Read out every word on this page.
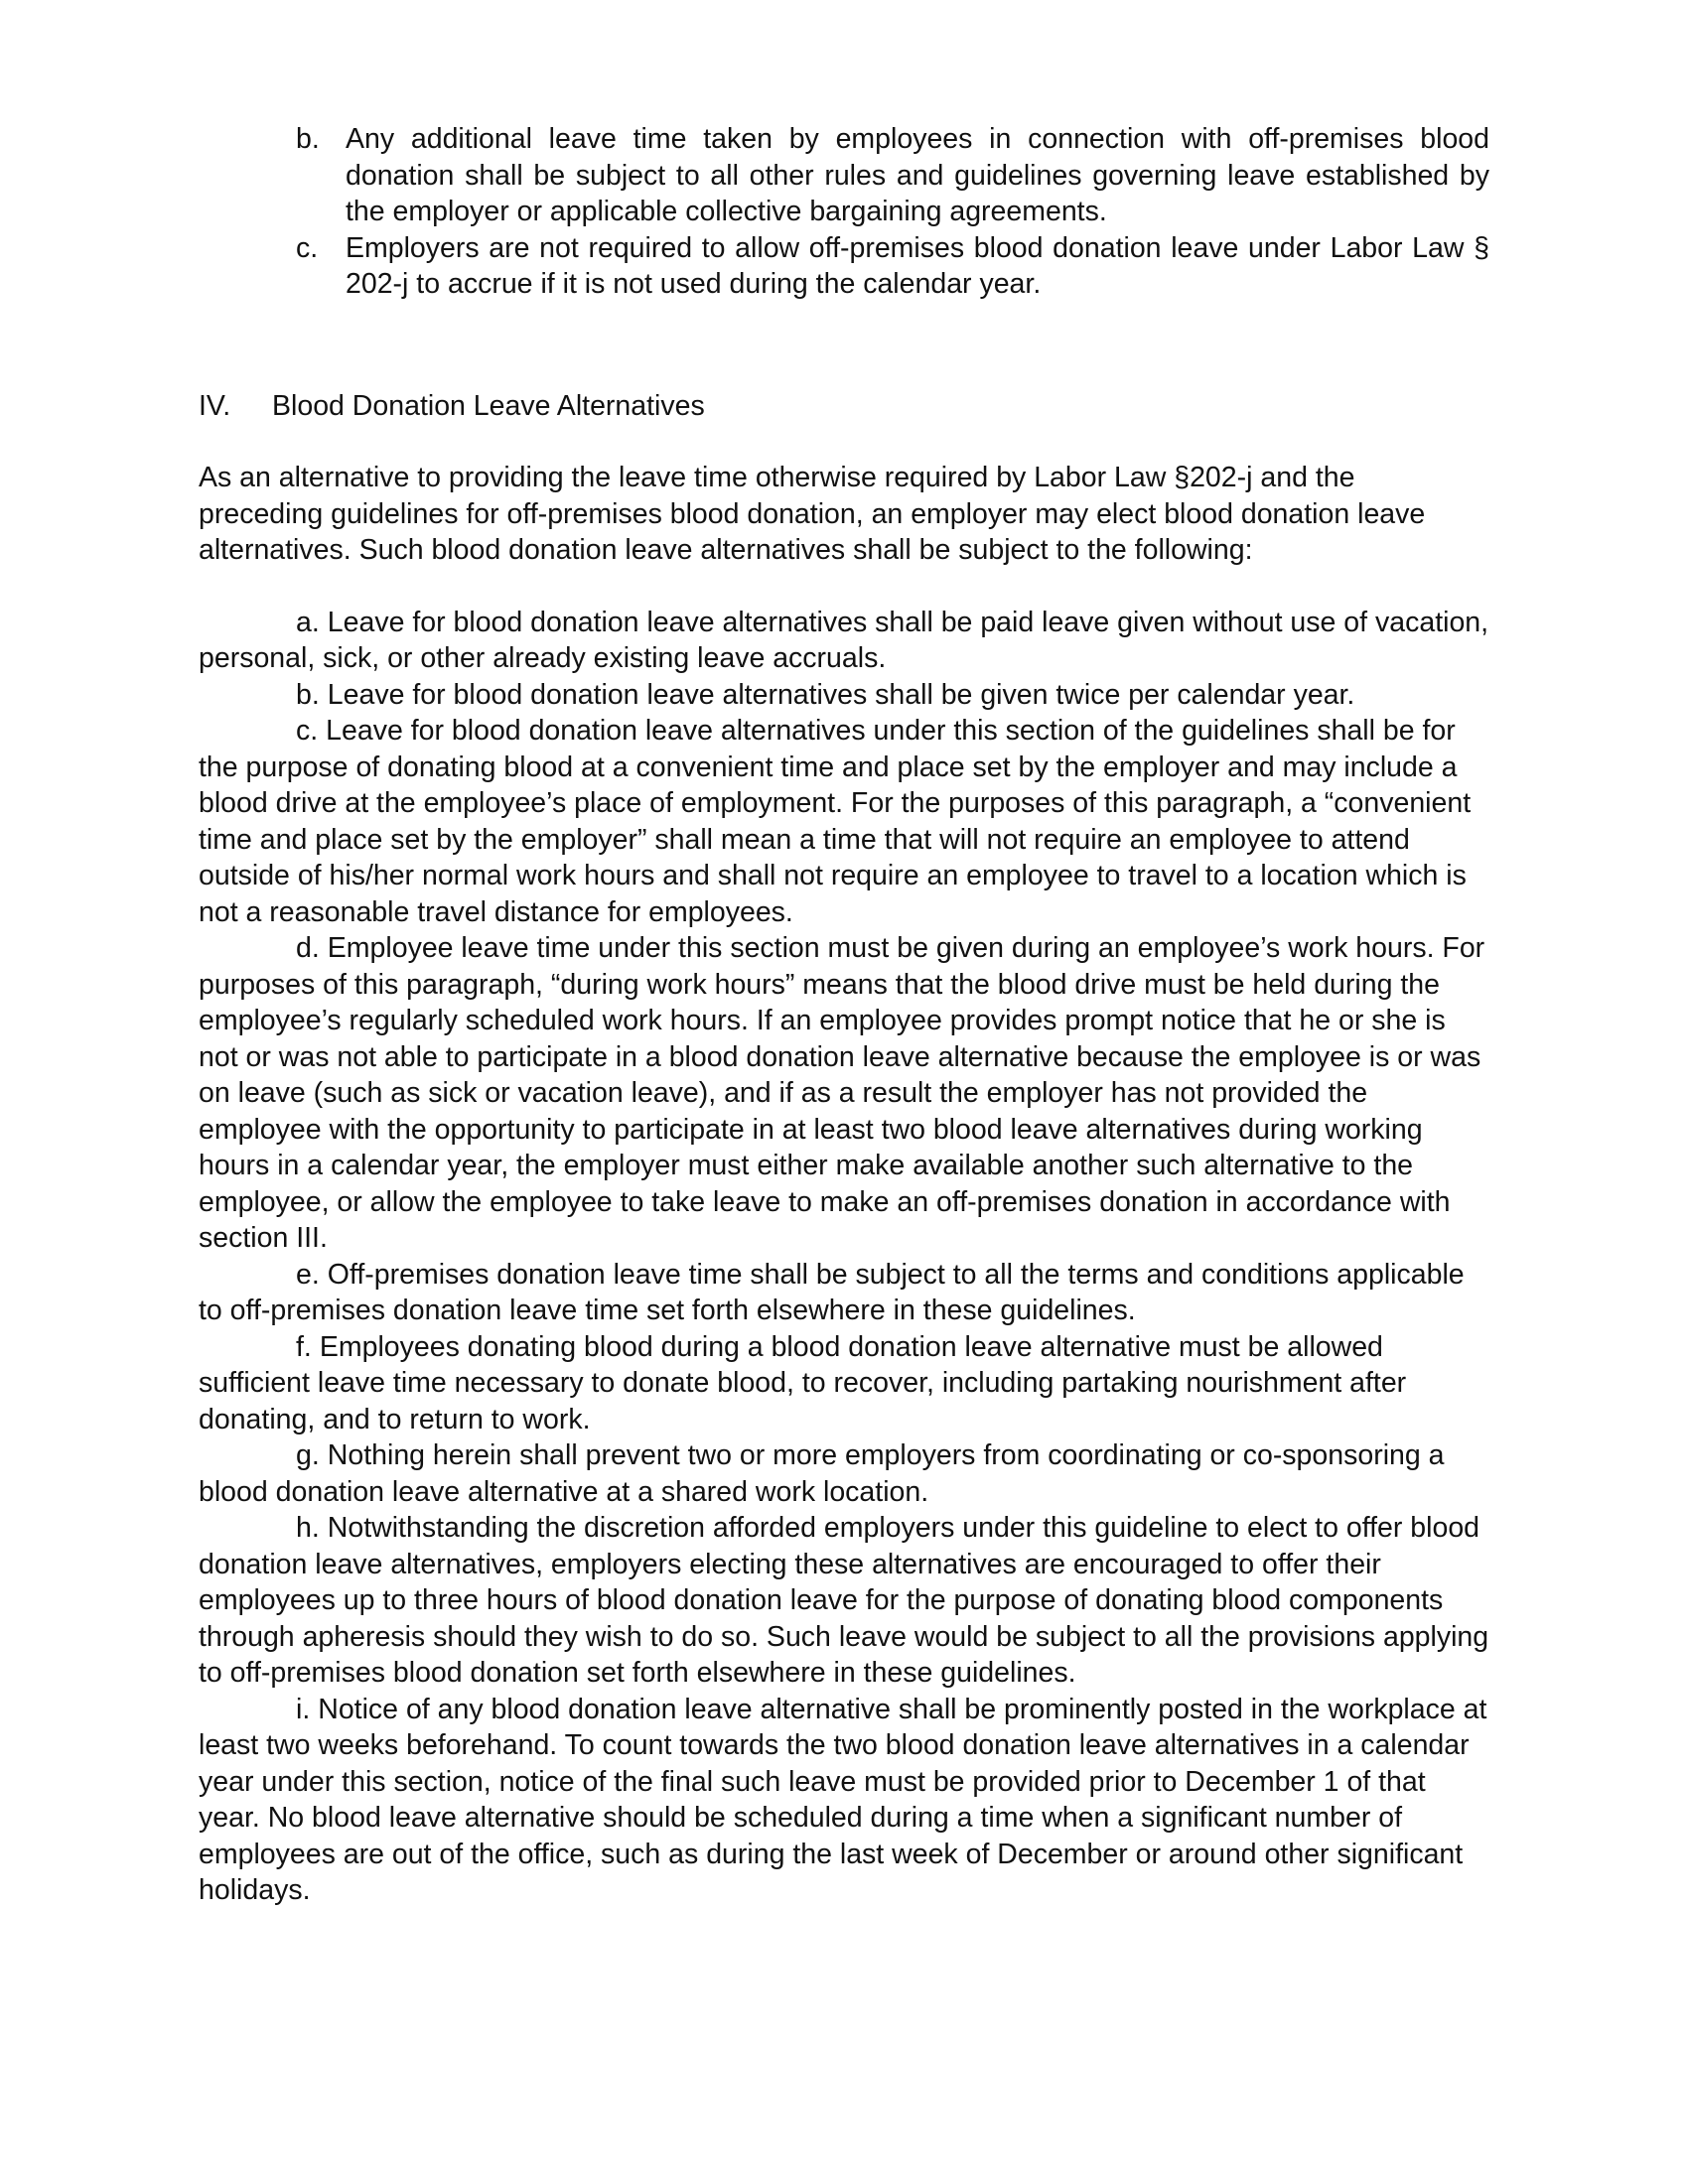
b. Any additional leave time taken by employees in connection with off-premises blood donation shall be subject to all other rules and guidelines governing leave established by the employer or applicable collective bargaining agreements.
c. Employers are not required to allow off-premises blood donation leave under Labor Law § 202-j to accrue if it is not used during the calendar year.
IV. Blood Donation Leave Alternatives
As an alternative to providing the leave time otherwise required by Labor Law §202-j and the preceding guidelines for off-premises blood donation, an employer may elect blood donation leave alternatives. Such blood donation leave alternatives shall be subject to the following:
a. Leave for blood donation leave alternatives shall be paid leave given without use of vacation, personal, sick, or other already existing leave accruals.
b. Leave for blood donation leave alternatives shall be given twice per calendar year.
c. Leave for blood donation leave alternatives under this section of the guidelines shall be for the purpose of donating blood at a convenient time and place set by the employer and may include a blood drive at the employee’s place of employment. For the purposes of this paragraph, a “convenient time and place set by the employer” shall mean a time that will not require an employee to attend outside of his/her normal work hours and shall not require an employee to travel to a location which is not a reasonable travel distance for employees.
d. Employee leave time under this section must be given during an employee’s work hours. For purposes of this paragraph, “during work hours” means that the blood drive must be held during the employee’s regularly scheduled work hours. If an employee provides prompt notice that he or she is not or was not able to participate in a blood donation leave alternative because the employee is or was on leave (such as sick or vacation leave), and if as a result the employer has not provided the employee with the opportunity to participate in at least two blood leave alternatives during working hours in a calendar year, the employer must either make available another such alternative to the employee, or allow the employee to take leave to make an off-premises donation in accordance with section III.
e. Off-premises donation leave time shall be subject to all the terms and conditions applicable to off-premises donation leave time set forth elsewhere in these guidelines.
f. Employees donating blood during a blood donation leave alternative must be allowed sufficient leave time necessary to donate blood, to recover, including partaking nourishment after donating, and to return to work.
g. Nothing herein shall prevent two or more employers from coordinating or co-sponsoring a blood donation leave alternative at a shared work location.
h. Notwithstanding the discretion afforded employers under this guideline to elect to offer blood donation leave alternatives, employers electing these alternatives are encouraged to offer their employees up to three hours of blood donation leave for the purpose of donating blood components through apheresis should they wish to do so. Such leave would be subject to all the provisions applying to off-premises blood donation set forth elsewhere in these guidelines.
i. Notice of any blood donation leave alternative shall be prominently posted in the workplace at least two weeks beforehand. To count towards the two blood donation leave alternatives in a calendar year under this section, notice of the final such leave must be provided prior to December 1 of that year. No blood leave alternative should be scheduled during a time when a significant number of employees are out of the office, such as during the last week of December or around other significant holidays.
